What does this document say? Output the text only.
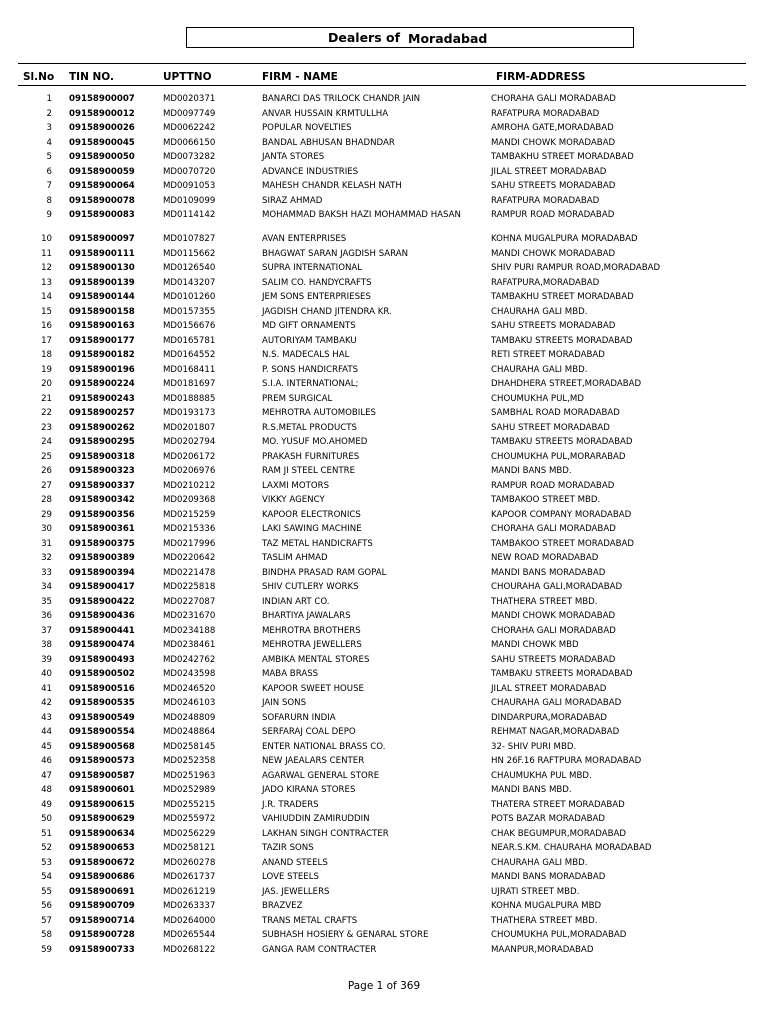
Dealers of Moradabad
Sl.No TIN NO.	UPTTNO	FIRM - NAME	FIRM-ADDRESS
1 09158900007	MD0020371	BANARCI DAS TRILOCK CHANDR JAIN	CHORAHA GALI MORADABAD
2 09158900012	MD0097749	ANVAR HUSSAIN KRMTULLHA	RAFATPURA MORADABAD
3 09158900026	MD0062242	POPULAR NOVELTIES	AMROHA GATE,MORADABAD
4 09158900045	MD0066150	BANDAL ABHUSAN BHADNDAR	MANDI CHOWK MORADABAD
5 09158900050	MD0073282	JANTA STORES	TAMBAKHU STREET MORADABAD
6 09158900059	MD0070720	ADVANCE INDUSTRIES	JILAL STREET MORADABAD
7 09158900064	MD0091053	MAHESH CHANDR KELASH NATH	SAHU STREETS MORADABAD
8 09158900078	MD0109099	SIRAZ AHMAD	RAFATPURA MORADABAD
9 09158900083	MD0114142	MOHAMMAD BAKSH HAZI MOHAMMAD HASAN	RAMPUR ROAD MORADABAD
10 09158900097	MD0107827	AVAN ENTERPRISES	KOHNA MUGALPURA MORADABAD
11 09158900111	MD0115662	BHAGWAT SARAN JAGDISH SARAN	MANDI CHOWK MORADABAD
12 09158900130	MD0126540	SUPRA INTERNATIONAL	SHIV PURI RAMPUR ROAD,MORADABAD
13 09158900139	MD0143207	SALIM CO. HANDYCRAFTS	RAFATPURA,MORADABAD
14 09158900144	MD0101260	JEM SONS ENTERPRIESES	TAMBAKHU STREET MORADABAD
15 09158900158	MD0157355	JAGDISH CHAND JITENDRA KR.	CHAURAHA GALI MBD.
16 09158900163	MD0156676	MD GIFT ORNAMENTS	SAHU STREETS MORADABAD
17 09158900177	MD0165781	AUTORIYAM TAMBAKU	TAMBAKU STREETS MORADABAD
18 09158900182	MD0164552	N.S. MADECALS HAL	RETI STREET MORADABAD
19 09158900196	MD0168411	P. SONS HANDICRFATS	CHAURAHA GALI MBD.
20 09158900224	MD0181697	S.I.A. INTERNATIONAL;	DHAHDHERA STREET,MORADABAD
21 09158900243	MD0188885	PREM SURGICAL	CHOUMUKHA PUL,MD
22 09158900257	MD0193173	MEHROTRA AUTOMOBILES	SAMBHAL ROAD MORADABAD
23 09158900262	MD0201807	R.S.METAL PRODUCTS	SAHU STREET MORADABAD
24 09158900295	MD0202794	MO. YUSUF MO.AHOMED	TAMBAKU STREETS MORADABAD
25 09158900318	MD0206172	PRAKASH FURNITURES	CHOUMUKHA PUL,MORARABAD
26 09158900323	MD0206976	RAM JI STEEL CENTRE	MANDI BANS MBD.
27 09158900337	MD0210212	LAXMI MOTORS	RAMPUR ROAD MORADABAD
28 09158900342	MD0209368	VIKKY AGENCY	TAMBAKOO STREET MBD.
29 09158900356	MD0215259	KAPOOR ELECTRONICS	KAPOOR COMPANY MORADABAD
30 09158900361	MD0215336	LAKI SAWING MACHINE	CHORAHA GALI MORADABAD
31 09158900375	MD0217996	TAZ METAL HANDICRAFTS	TAMBAKOO STREET MORADABAD
32 09158900389	MD0220642	TASLIM AHMAD	NEW ROAD MORADABAD
33 09158900394	MD0221478	BINDHA PRASAD RAM GOPAL	MANDI BANS MORADABAD
34 09158900417	MD0225818	SHIV CUTLERY WORKS	CHOURAHA GALI,MORADABAD
35 09158900422	MD0227087	INDIAN ART CO.	THATHERA STREET MBD.
36 09158900436	MD0231670	BHARTIYA JAWALARS	MANDI CHOWK MORADABAD
37 09158900441	MD0234188	MEHROTRA BROTHERS	CHORAHA GALI MORADABAD
38 09158900474	MD0238461	MEHROTRA JEWELLERS	MANDI CHOWK MBD
39 09158900493	MD0242762	AMBIKA MENTAL STORES	SAHU STREETS MORADABAD
40 09158900502	MD0243598	MABA BRASS	TAMBAKU STREETS MORADABAD
41 09158900516	MD0246520	KAPOOR SWEET HOUSE	JILAL STREET MORADABAD
42 09158900535	MD0246103	JAIN SONS	CHAURAHA GALI MORADABAD
43 09158900549	MD0248809	SOFARURN INDIA	DINDARPURA,MORADABAD
44 09158900554	MD0248864	SERFARAJ COAL DEPO	REHMAT NAGAR,MORADABAD
45 09158900568	MD0258145	ENTER NATIONAL BRASS CO.	32- SHIV PURI MBD.
46 09158900573	MD0252358	NEW JAEALARS CENTER	HN 26F.16 RAFTPURA MORADABAD
47 09158900587	MD0251963	AGARWAL GENERAL STORE	CHAUMUKHA PUL MBD.
48 09158900601	MD0252989	JADO KIRANA STORES	MANDI BANS MBD.
49 09158900615	MD0255215	J.R. TRADERS	THATERA STREET MORADABAD
50 09158900629	MD0255972	VAHIUDDIN ZAMIRUDDIN	POTS BAZAR MORADABAD
51 09158900634	MD0256229	LAKHAN SINGH CONTRACTER	CHAK BEGUMPUR,MORADABAD
52 09158900653	MD0258121	TAZIR SONS	NEAR.S.KM. CHAURAHA MORADABAD
53 09158900672	MD0260278	ANAND STEELS	CHAURAHA GALI MBD.
54 09158900686	MD0261737	LOVE STEELS	MANDI BANS MORADABAD
55 09158900691	MD0261219	JAS. JEWELLERS	UJRATI STREET MBD.
56 09158900709	MD0263337	BRAZVEZ	KOHNA MUGALPURA MBD
57 09158900714	MD0264000	TRANS METAL CRAFTS	THATHERA STREET MBD.
58 09158900728	MD0265544	SUBHASH HOSIERY & GENARAL STORE	CHOUMUKHA PUL,MORADABAD
59 09158900733	MD0268122	GANGA RAM CONTRACTER	MAANPUR,MORADABAD
Page 1 of 369
